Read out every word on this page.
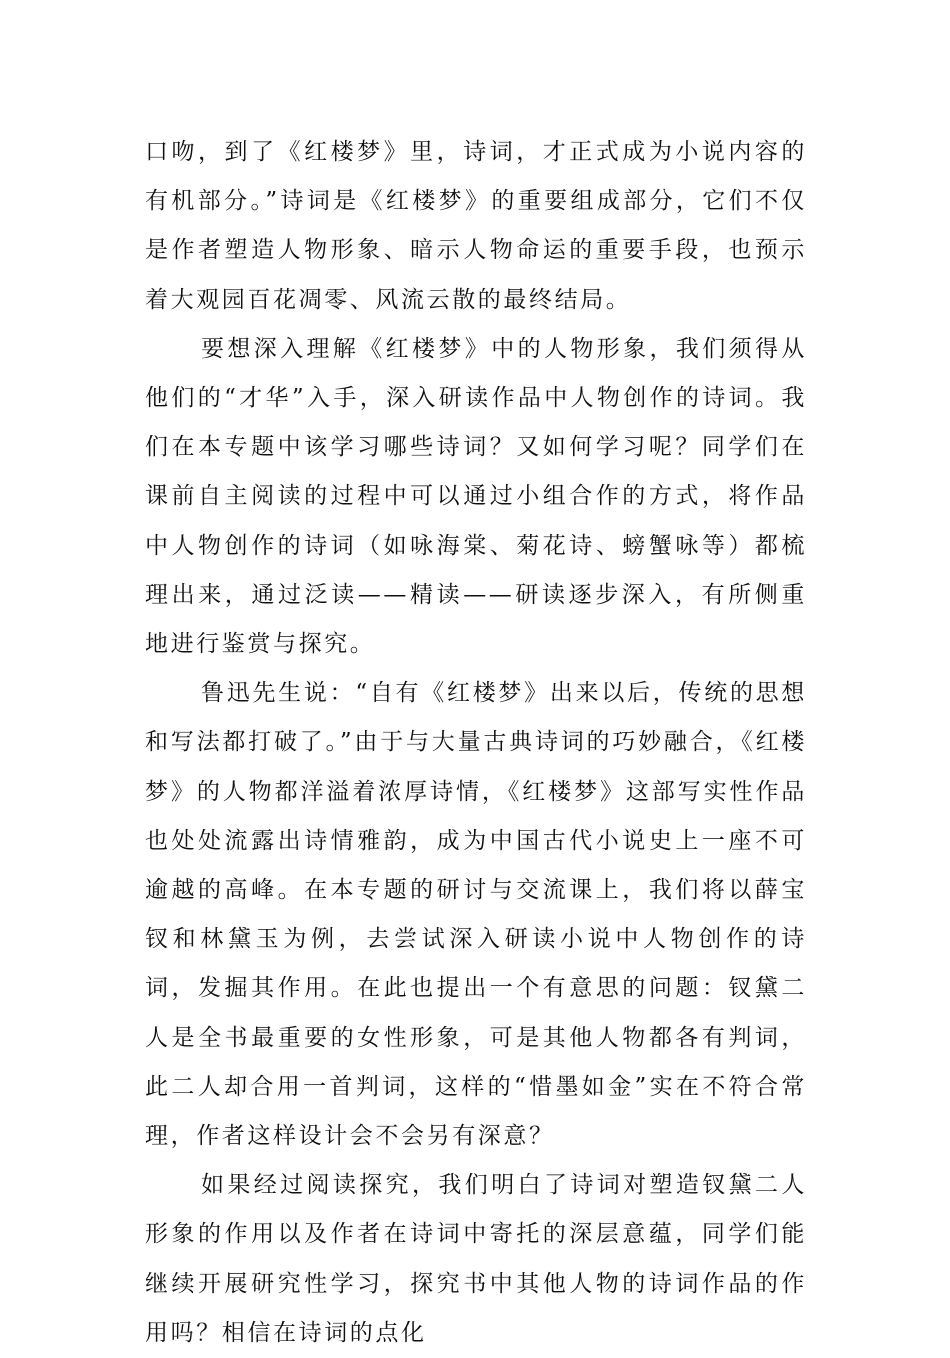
口吻，到了《红楼梦》里，诗词，才正式成为小说内容的有机部分。”诗词是《红楼梦》的重要组成部分，它们不仅是作者塑造人物形象、暗示人物命运的重要手段，也预示着大观园百花凋零、风流云散的最终结局。

要想深入理解《红楼梦》中的人物形象，我们须得从他们的“才华”入手，深入研读作品中人物创作的诗词。我们在本专题中该学习哪些诗词？又如何学习呢？同学们在课前自主阅读的过程中可以通过小组合作的方式，将作品中人物创作的诗词（如咏海棠、菊花诗、螃蟹咏等）都梳理出来，通过泛读——精读——研读逐步深入，有所侧重地进行鉴赏与探究。

鲁迅先生说：“自有《红楼梦》出来以后，传统的思想和写法都打破了。”由于与大量古典诗词的巧妙融合，《红楼梦》的人物都洋溢着浓厚诗情，《红楼梦》这部写实性作品也处处流露出诗情雅韵，成为中国古代小说史上一座不可逾越的高峰。在本专题的研讨与交流课上，我们将以薛宝钗和林黛玉为例，去尝试深入研读小说中人物创作的诗词，发掘其作用。在此也提出一个有意思的问题：钗黛二人是全书最重要的女性形象，可是其他人物都各有判词，此二人却合用一首判词，这样的“惜墨如金”实在不符合常理，作者这样设计会不会另有深意？

如果经过阅读探究，我们明白了诗词对塑造钗黛二人形象的作用以及作者在诗词中寄托的深层意蕴，同学们能继续开展研究性学习，探究书中其他人物的诗词作品的作用吗？相信在诗词的点化
